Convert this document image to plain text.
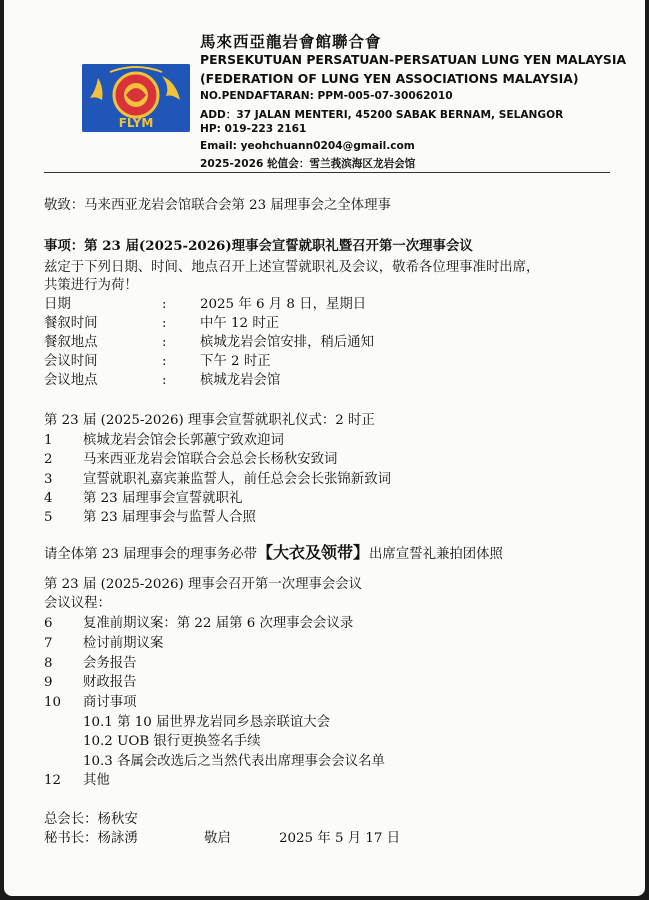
FLYM
馬來西亞龍岩會館聯合會
PERSEKUTUAN PERSATUAN-PERSATUAN LUNG YEN MALAYSIA
(FEDERATION OF LUNG YEN ASSOCIATIONS MALAYSIA)
NO.PENDAFTARAN: PPM-005-07-30062010
ADD：37 JALAN MENTERI, 45200 SABAK BERNAM, SELANGOR
HP: 019-223 2161
Email: yeohchuann0204@gmail.com
2025-2026 轮值会：雪兰莪滨海区龙岩会馆
敬致：马来西亚龙岩会馆联合会第 23 届理事会之全体理事
事项：第 23 届(2025-2026)理事会宣誓就职礼暨召开第一次理事会议
兹定于下列日期、时间、地点召开上述宣誓就职礼及会议，敬希各位理事准时出席，
共策进行为荷！
日期	: 2025 年 6 月 8 日，星期日
餐叙时间	: 中午 12 时正
餐叙地点	: 槟城龙岩会馆安排，稍后通知
会议时间	: 下午 2 时正
会议地点	: 槟城龙岩会馆
第 23 届 (2025-2026) 理事会宣誓就职礼仪式：2 时正
1 槟城龙岩会馆会长郭蕙宁致欢迎词
2 马来西亚龙岩会馆联合会总会长杨秋安致词
3 宣誓就职礼嘉宾兼监誓人，前任总会会长张锦新致词
4 第 23 届理事会宣誓就职礼
5 第 23 届理事会与监誓人合照
请全体第 23 届理事会的理事务必带【大衣及领带】出席宣誓礼兼拍团体照
第 23 届 (2025-2026) 理事会召开第一次理事会会议
会议议程：
6 复准前期议案：第 22 届第 6 次理事会会议录
7 检讨前期议案
8 会务报告
9 财政报告
10 商讨事项
10.1 第 10 届世界龙岩同乡恳亲联谊大会
10.2 UOB 银行更换签名手续
10.3 各属会改选后之当然代表出席理事会会议名单
12 其他
总会长：杨秋安
秘书长：杨詠湧	敬启	2025 年 5 月 17 日
